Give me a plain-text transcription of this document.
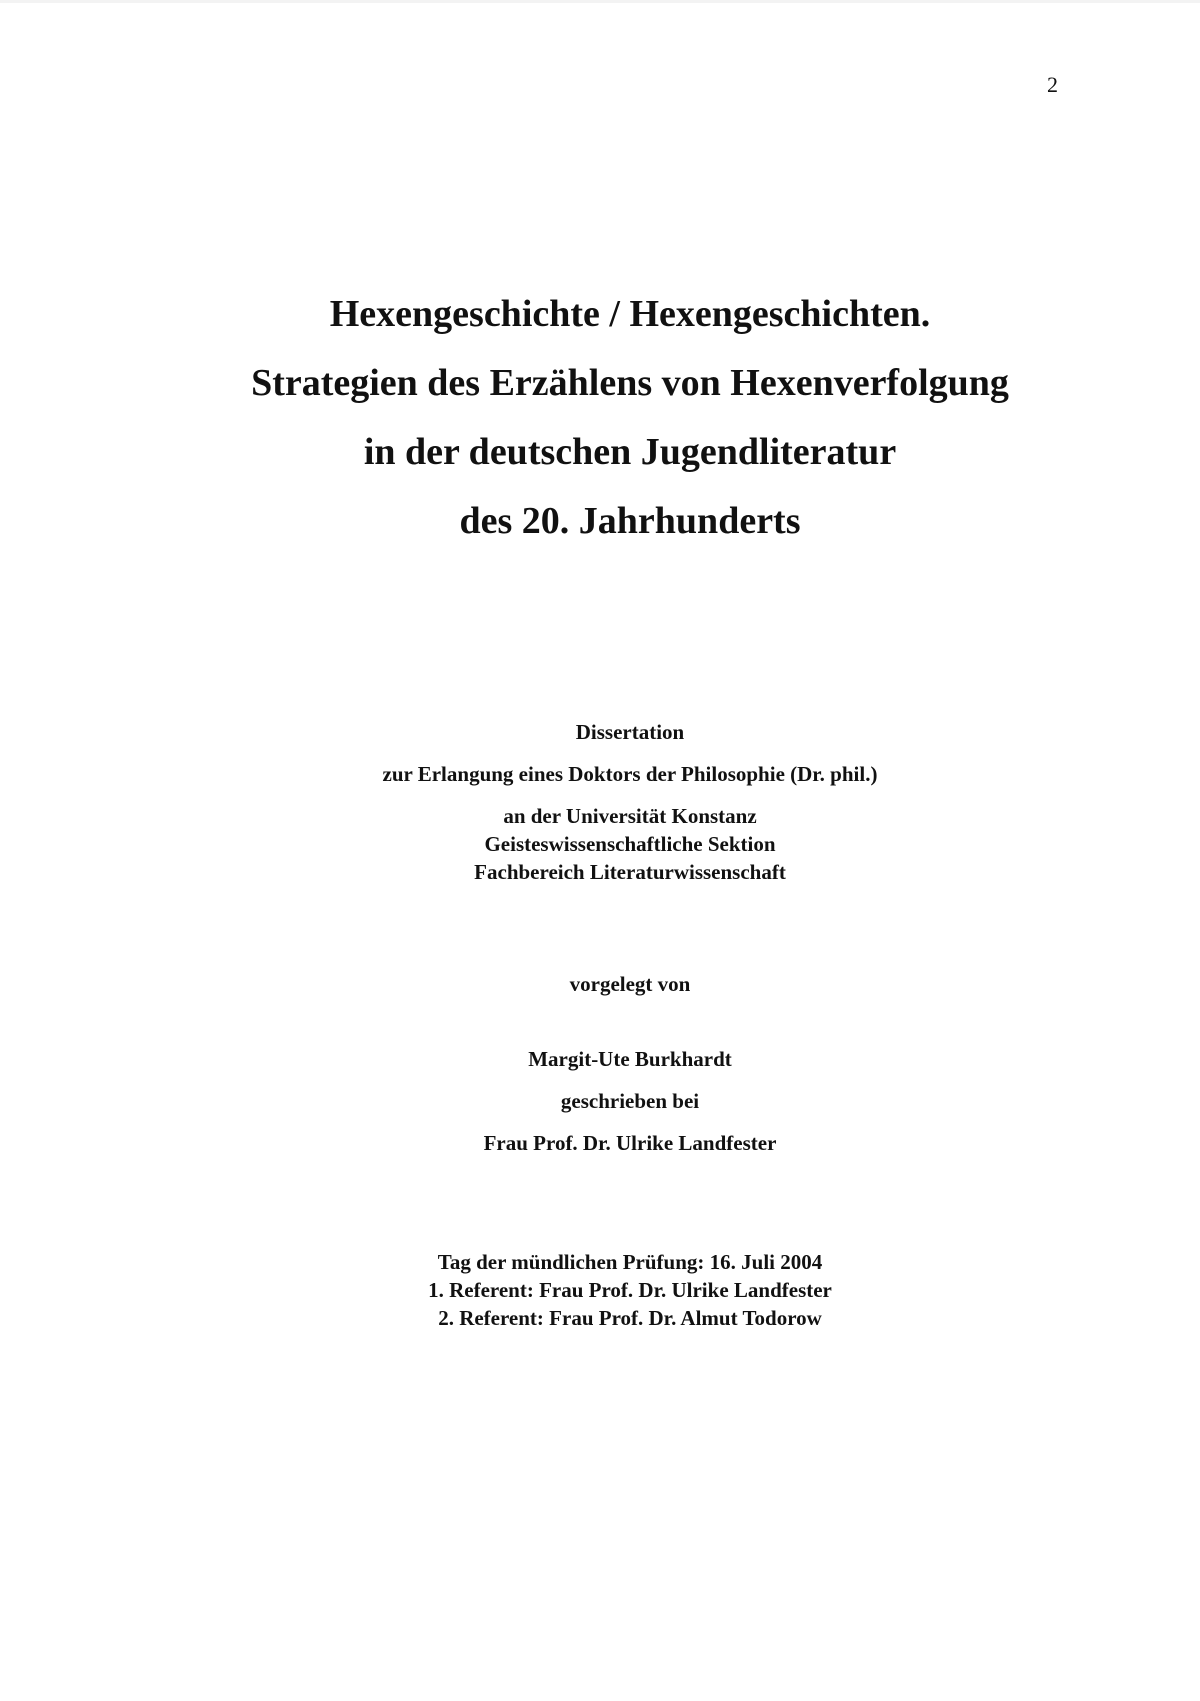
2
Hexengeschichte / Hexengeschichten.
Strategien des Erzählens von Hexenverfolgung
in der deutschen Jugendliteratur
des 20. Jahrhunderts
Dissertation
zur Erlangung eines Doktors der Philosophie (Dr. phil.)
an der Universität Konstanz
Geisteswissenschaftliche Sektion
Fachbereich Literaturwissenschaft
vorgelegt von
Margit-Ute Burkhardt
geschrieben bei
Frau Prof. Dr. Ulrike Landfester
Tag der mündlichen Prüfung: 16. Juli 2004
1. Referent: Frau Prof. Dr. Ulrike Landfester
2. Referent: Frau Prof. Dr. Almut Todorow
